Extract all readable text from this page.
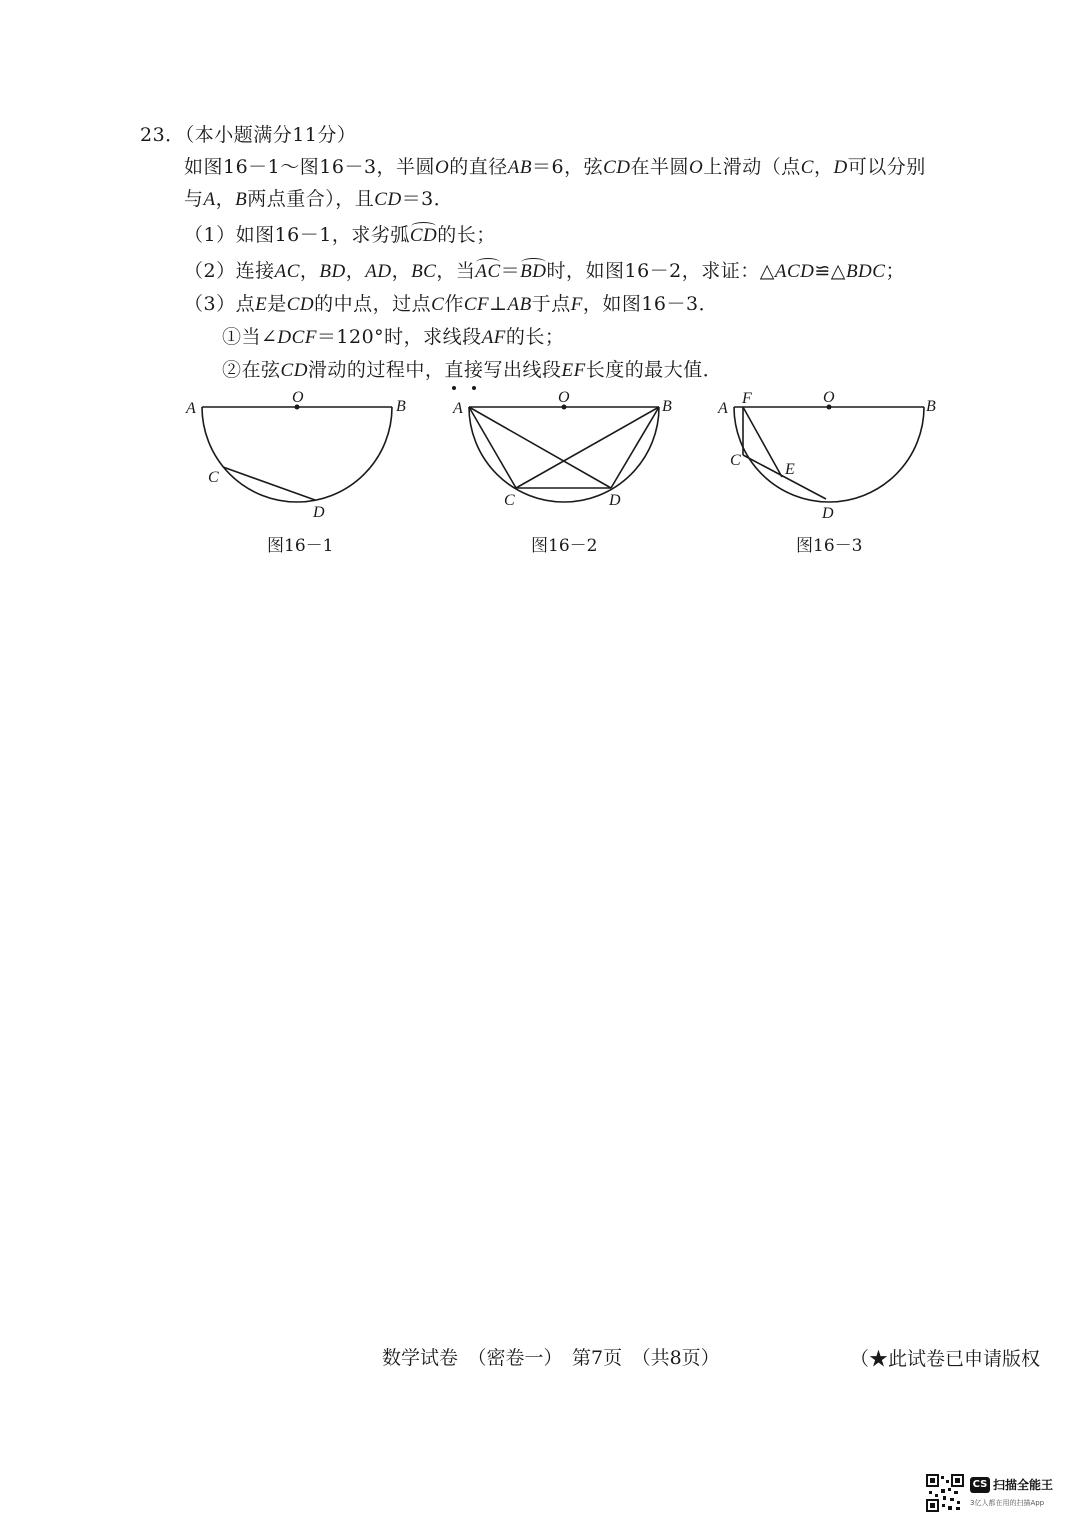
23．（本小题满分11分）
如图16－1～图16－3，半圆O的直径AB＝6，弦CD在半圆O上滑动（点C，D可以分别
与A，B两点重合），且CD＝3．
（1）如图16－1，求劣弧CD的长；
（2）连接AC，BD，AD，BC，当AC＝BD时，如图16－2，求证：△ACD≌△BDC；
（3）点E是CD的中点，过点C作CF⊥AB于点F，如图16－3．
①当∠DCF＝120°时，求线段AF的长；
②在弦CD滑动的过程中，直接写出线段EF长度的最大值．
A
O
B
C
D
图16－1
A
O
B
C	D
图16－2
A
F	O
B
C
E
D
图16－3
数学试卷　（密卷一）　第7页　（共8页）	（★此试卷已申请版权
CS 扫描全能王
3亿人都在用的扫描App
